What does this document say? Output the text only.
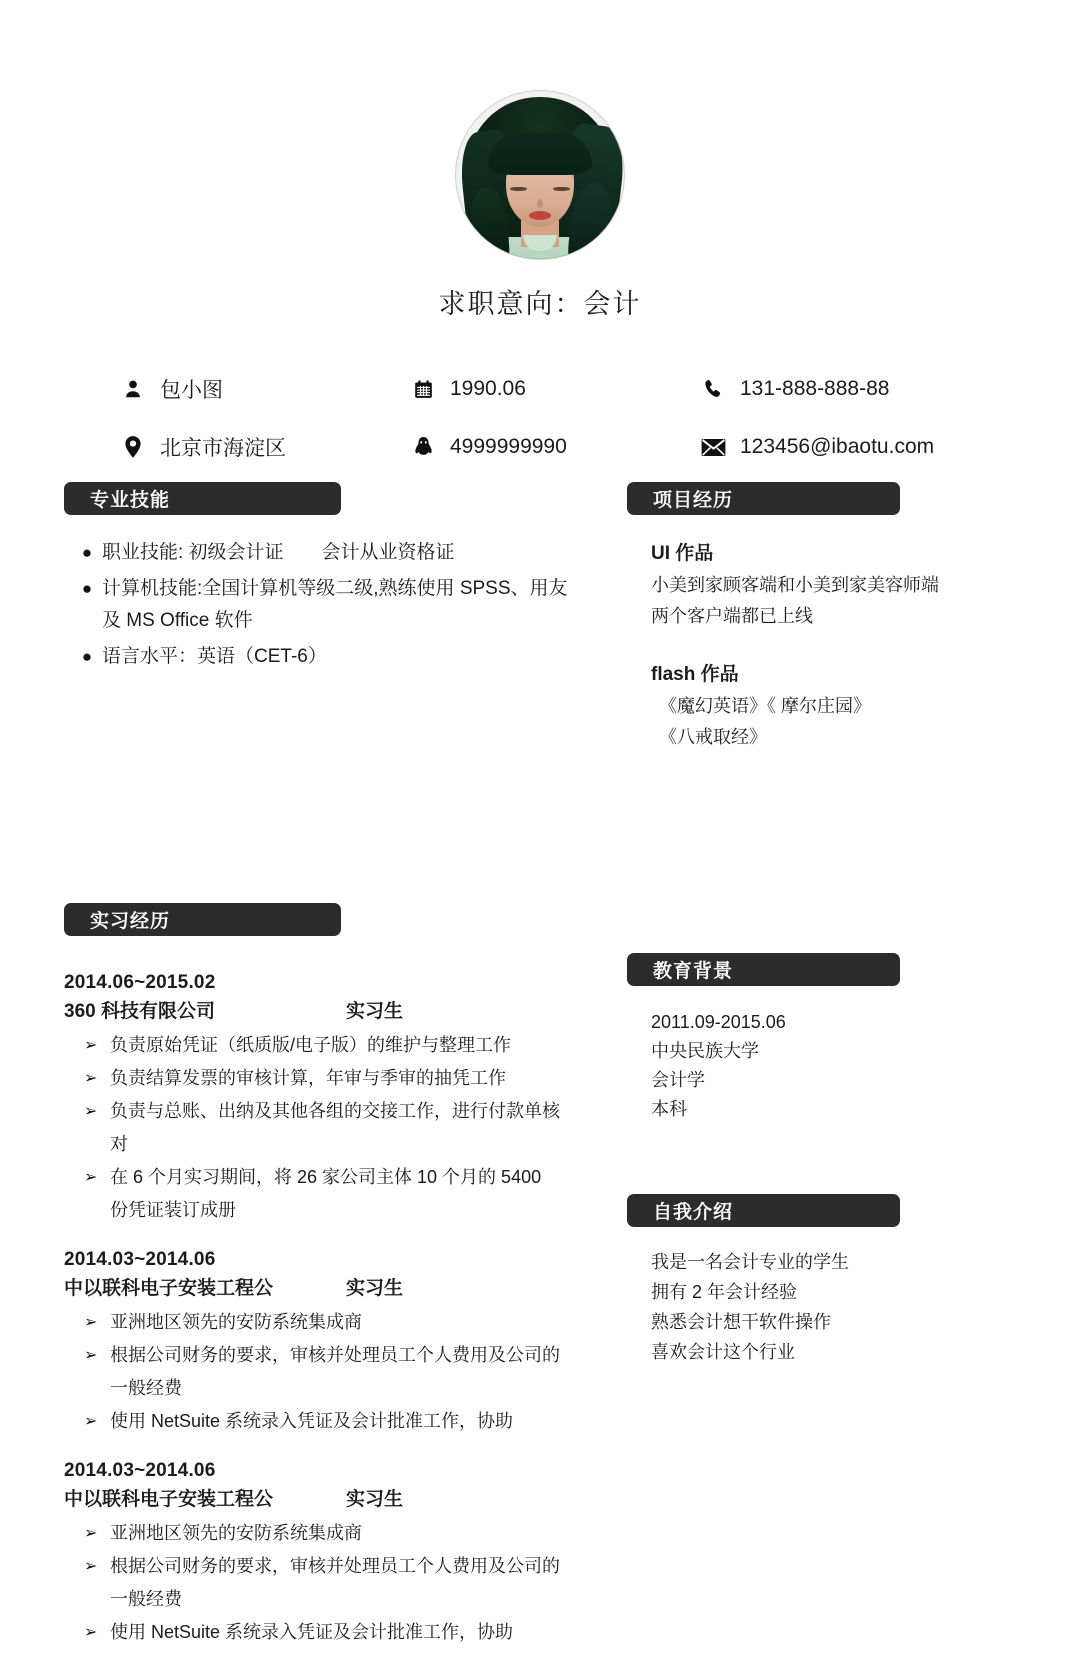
求职意向：会计
包小图	1990.06	131-888-888-88
北京市海淀区	4999999990	123456@ibaotu.com
专业技能
● 职业技能: 初级会计证　　会计从业资格证
● 计算机技能:全国计算机等级二级,熟练使用 SPSS、用友及 MS Office 软件
● 语言水平：英语（CET-6）
实习经历
2014.06~2015.02
360 科技有限公司	实习生
➢ 负责原始凭证（纸质版/电子版）的维护与整理工作
➢ 负责结算发票的审核计算，年审与季审的抽凭工作
➢ 负责与总账、出纳及其他各组的交接工作，进行付款单核对
➢ 在 6 个月实习期间，将 26 家公司主体 10 个月的 5400 份凭证装订成册
2014.03~2014.06
中以联科电子安装工程公	实习生
➢ 亚洲地区领先的安防系统集成商
➢ 根据公司财务的要求，审核并处理员工个人费用及公司的一般经费
➢ 使用 NetSuite 系统录入凭证及会计批准工作，协助
2014.03~2014.06
中以联科电子安装工程公	实习生
➢ 亚洲地区领先的安防系统集成商
➢ 根据公司财务的要求，审核并处理员工个人费用及公司的一般经费
➢ 使用 NetSuite 系统录入凭证及会计批准工作，协助
项目经历
UI 作品
小美到家顾客端和小美到家美容师端
两个客户端都已上线
flash 作品
《魔幻英语》《 摩尔庄园》
《八戒取经》
教育背景
2011.09-2015.06
中央民族大学
会计学
本科
自我介绍
我是一名会计专业的学生
拥有 2 年会计经验
熟悉会计想干软件操作
喜欢会计这个行业
